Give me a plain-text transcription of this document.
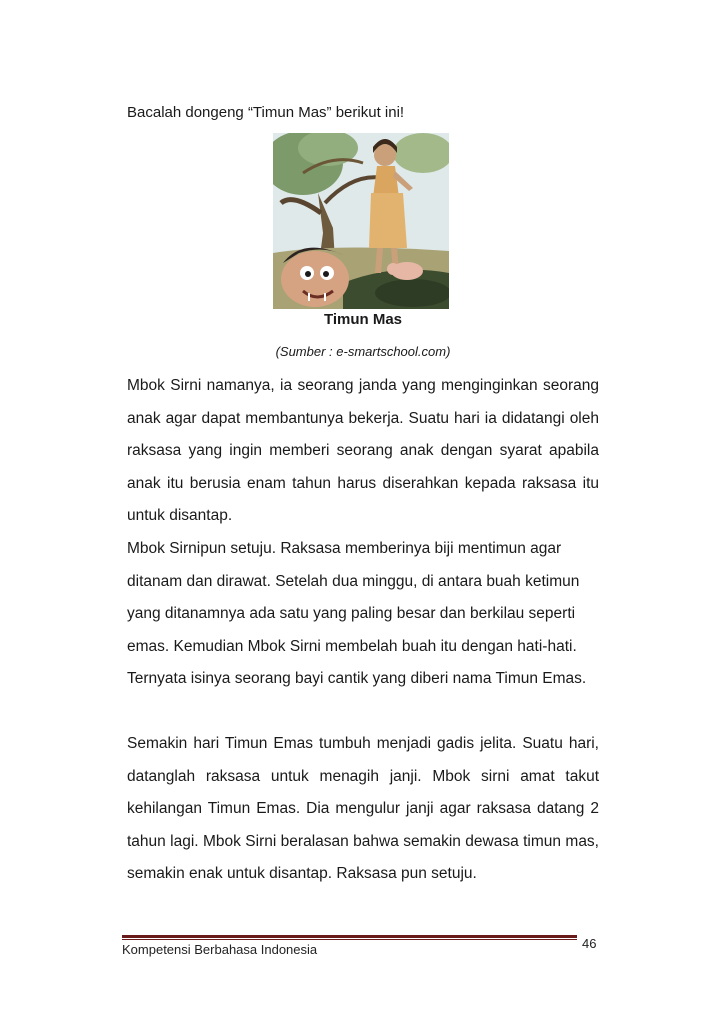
Bacalah dongeng “Timun Mas” berikut ini!

Timun Mas

(Sumber : e-smartschool.com)

Mbok Sirni namanya, ia seorang janda yang menginginkan seorang anak agar dapat membantunya bekerja. Suatu hari ia didatangi oleh raksasa yang ingin memberi seorang anak dengan syarat apabila anak itu berusia enam tahun harus diserahkan kepada raksasa itu untuk disantap.

Mbok Sirnipun setuju. Raksasa memberinya biji mentimun agar ditanam dan dirawat. Setelah dua minggu, di antara buah ketimun yang ditanamnya ada satu yang paling besar dan berkilau seperti emas. Kemudian Mbok Sirni membelah buah itu dengan hati-hati. Ternyata isinya seorang bayi cantik yang diberi nama Timun Emas.

Semakin hari Timun Emas tumbuh menjadi gadis jelita. Suatu hari, datanglah raksasa untuk menagih janji. Mbok sirni amat takut kehilangan Timun Emas. Dia mengulur janji agar raksasa datang 2 tahun lagi. Mbok Sirni beralasan bahwa semakin dewasa timun mas, semakin enak untuk disantap. Raksasa pun setuju.

Kompetensi Berbahasa Indonesia	46
